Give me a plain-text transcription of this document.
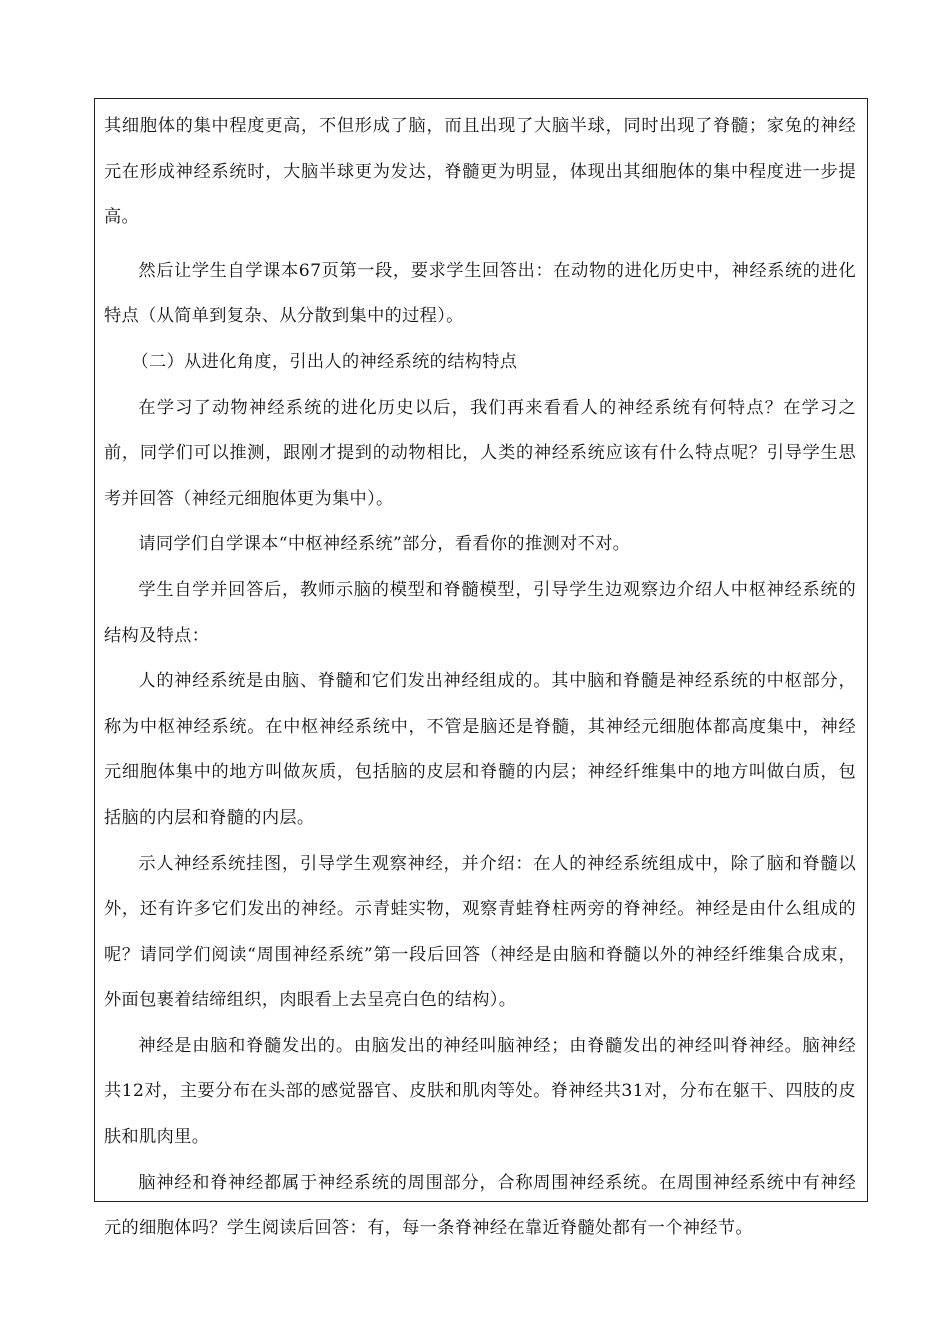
其细胞体的集中程度更高，不但形成了脑，而且出现了大脑半球，同时出现了脊髓；家兔的神经元在形成神经系统时，大脑半球更为发达，脊髓更为明显，体现出其细胞体的集中程度进一步提高。

然后让学生自学课本67页第一段，要求学生回答出：在动物的进化历史中，神经系统的进化特点（从简单到复杂、从分散到集中的过程）。

（二）从进化角度，引出人的神经系统的结构特点

在学习了动物神经系统的进化历史以后，我们再来看看人的神经系统有何特点？在学习之前，同学们可以推测，跟刚才提到的动物相比，人类的神经系统应该有什么特点呢？引导学生思考并回答（神经元细胞体更为集中）。

请同学们自学课本“中枢神经系统”部分，看看你的推测对不对。

学生自学并回答后，教师示脑的模型和脊髓模型，引导学生边观察边介绍人中枢神经系统的结构及特点：

人的神经系统是由脑、脊髓和它们发出神经组成的。其中脑和脊髓是神经系统的中枢部分，称为中枢神经系统。在中枢神经系统中，不管是脑还是脊髓，其神经元细胞体都高度集中，神经元细胞体集中的地方叫做灰质，包括脑的皮层和脊髓的内层；神经纤维集中的地方叫做白质，包括脑的内层和脊髓的内层。

示人神经系统挂图，引导学生观察神经，并介绍：在人的神经系统组成中，除了脑和脊髓以外，还有许多它们发出的神经。示青蛙实物，观察青蛙脊柱两旁的脊神经。神经是由什么组成的呢？请同学们阅读“周围神经系统”第一段后回答（神经是由脑和脊髓以外的神经纤维集合成束，外面包裹着结缔组织，肉眼看上去呈亮白色的结构）。

神经是由脑和脊髓发出的。由脑发出的神经叫脑神经；由脊髓发出的神经叫脊神经。脑神经共12对，主要分布在头部的感觉器官、皮肤和肌肉等处。脊神经共31对，分布在躯干、四肢的皮肤和肌肉里。

脑神经和脊神经都属于神经系统的周围部分，合称周围神经系统。在周围神经系统中有神经元的细胞体吗？学生阅读后回答：有，每一条脊神经在靠近脊髓处都有一个神经节。
